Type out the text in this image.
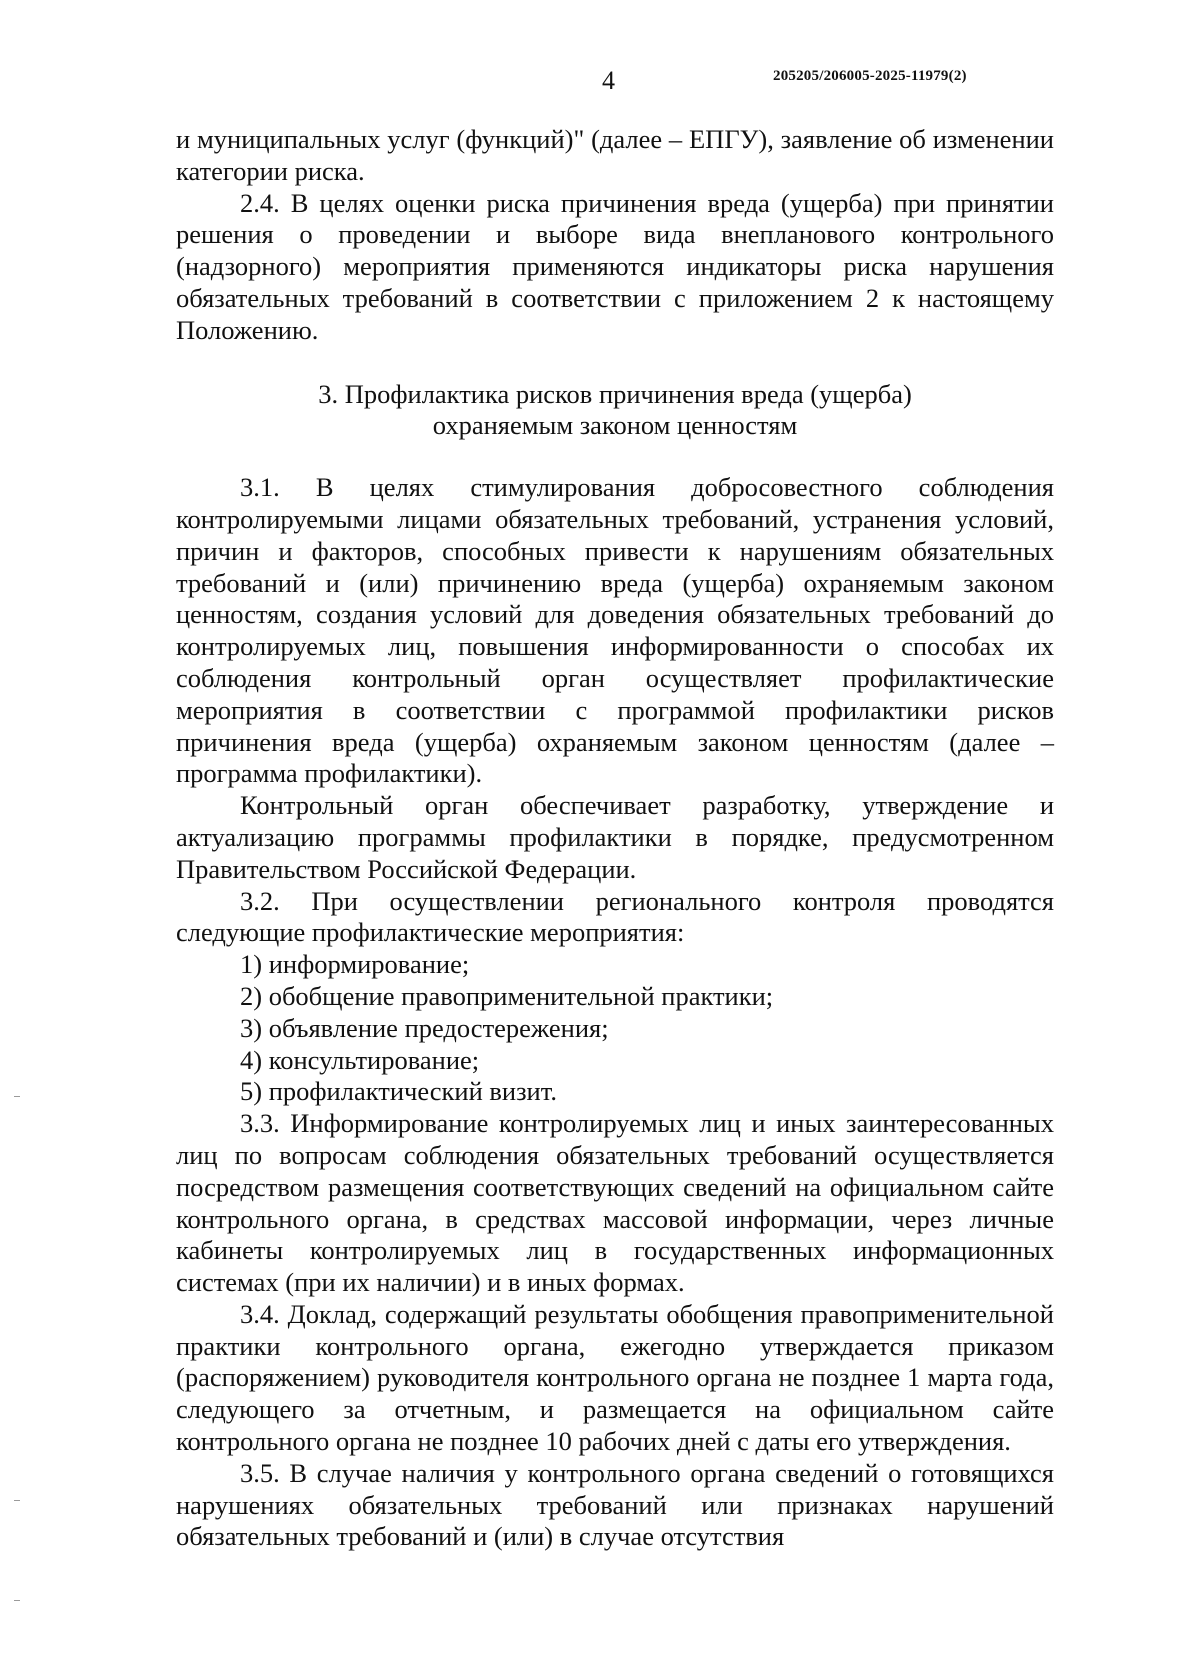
4	205205/206005-2025-11979(2)

и муниципальных услуг (функций)" (далее – ЕПГУ), заявление об изменении категории риска.

2.4. В целях оценки риска причинения вреда (ущерба) при принятии решения о проведении и выборе вида внепланового контрольного (надзорного) мероприятия применяются индикаторы риска нарушения обязательных требований в соответствии с приложением 2 к настоящему Положению.

3. Профилактика рисков причинения вреда (ущерба)

охраняемым законом ценностям

3.1. В целях стимулирования добросовестного соблюдения контролируемыми лицами обязательных требований, устранения условий, причин и факторов, способных привести к нарушениям обязательных требований и (или) причинению вреда (ущерба) охраняемым законом ценностям, создания условий для доведения обязательных требований до контролируемых лиц, повышения информированности о способах их соблюдения контрольный орган осуществляет профилактические мероприятия в соответствии с программой профилактики рисков причинения вреда (ущерба) охраняемым законом ценностям (далее – программа профилактики).

Контрольный орган обеспечивает разработку, утверждение и актуализацию программы профилактики в порядке, предусмотренном Правительством Российской Федерации.

3.2. При осуществлении регионального контроля проводятся следующие профилактические мероприятия:

1) информирование;

2) обобщение правоприменительной практики;

3) объявление предостережения;

4) консультирование;

5) профилактический визит.

3.3. Информирование контролируемых лиц и иных заинтересованных лиц по вопросам соблюдения обязательных требований осуществляется посредством размещения соответствующих сведений на официальном сайте контрольного органа, в средствах массовой информации, через личные кабинеты контролируемых лиц в государственных информационных системах (при их наличии) и в иных формах.

3.4. Доклад, содержащий результаты обобщения правоприменительной практики контрольного органа, ежегодно утверждается приказом (распоряжением) руководителя контрольного органа не позднее 1 марта года, следующего за отчетным, и размещается на официальном сайте контрольного органа не позднее 10 рабочих дней с даты его утверждения.

3.5. В случае наличия у контрольного органа сведений о готовящихся нарушениях обязательных требований или признаках нарушений обязательных требований и (или) в случае отсутствия
